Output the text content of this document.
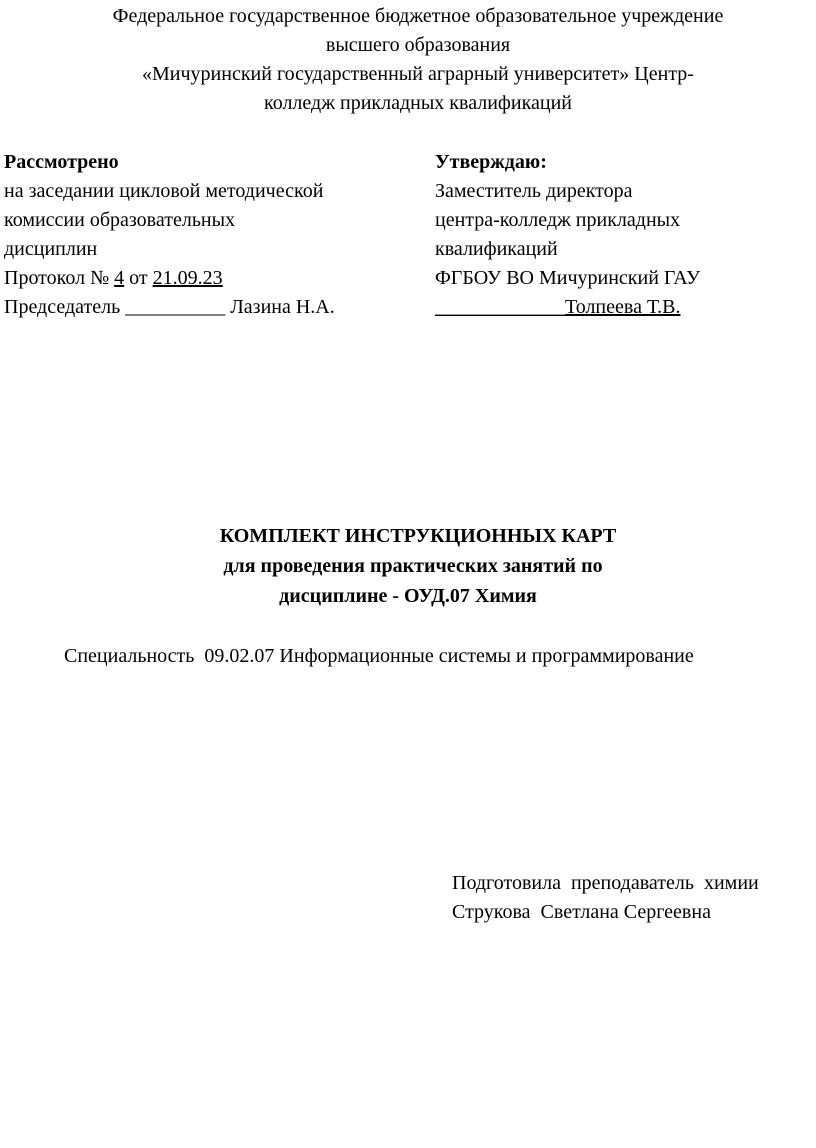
Федеральное государственное бюджетное образовательное учреждение
высшего образования
«Мичуринский государственный аграрный университет» Центр-
колледж прикладных квалификаций
Рассмотрено
на заседании цикловой методической
комиссии образовательных
дисциплин
Протокол № 4 от 21.09.23
Председатель __________ Лазина Н.А.
Утверждаю:
Заместитель директора
центра-колледж прикладных
квалификаций
ФГБОУ ВО Мичуринский ГАУ
_____________Толпеева Т.В.
КОМПЛЕКТ ИНСТРУКЦИОННЫХ КАРТ
для проведения практических занятий по
дисциплине - ОУД.07 Химия
Специальность  09.02.07 Информационные системы и программирование
Подготовила  преподаватель  химии
Струкова  Светлана Сергеевна
